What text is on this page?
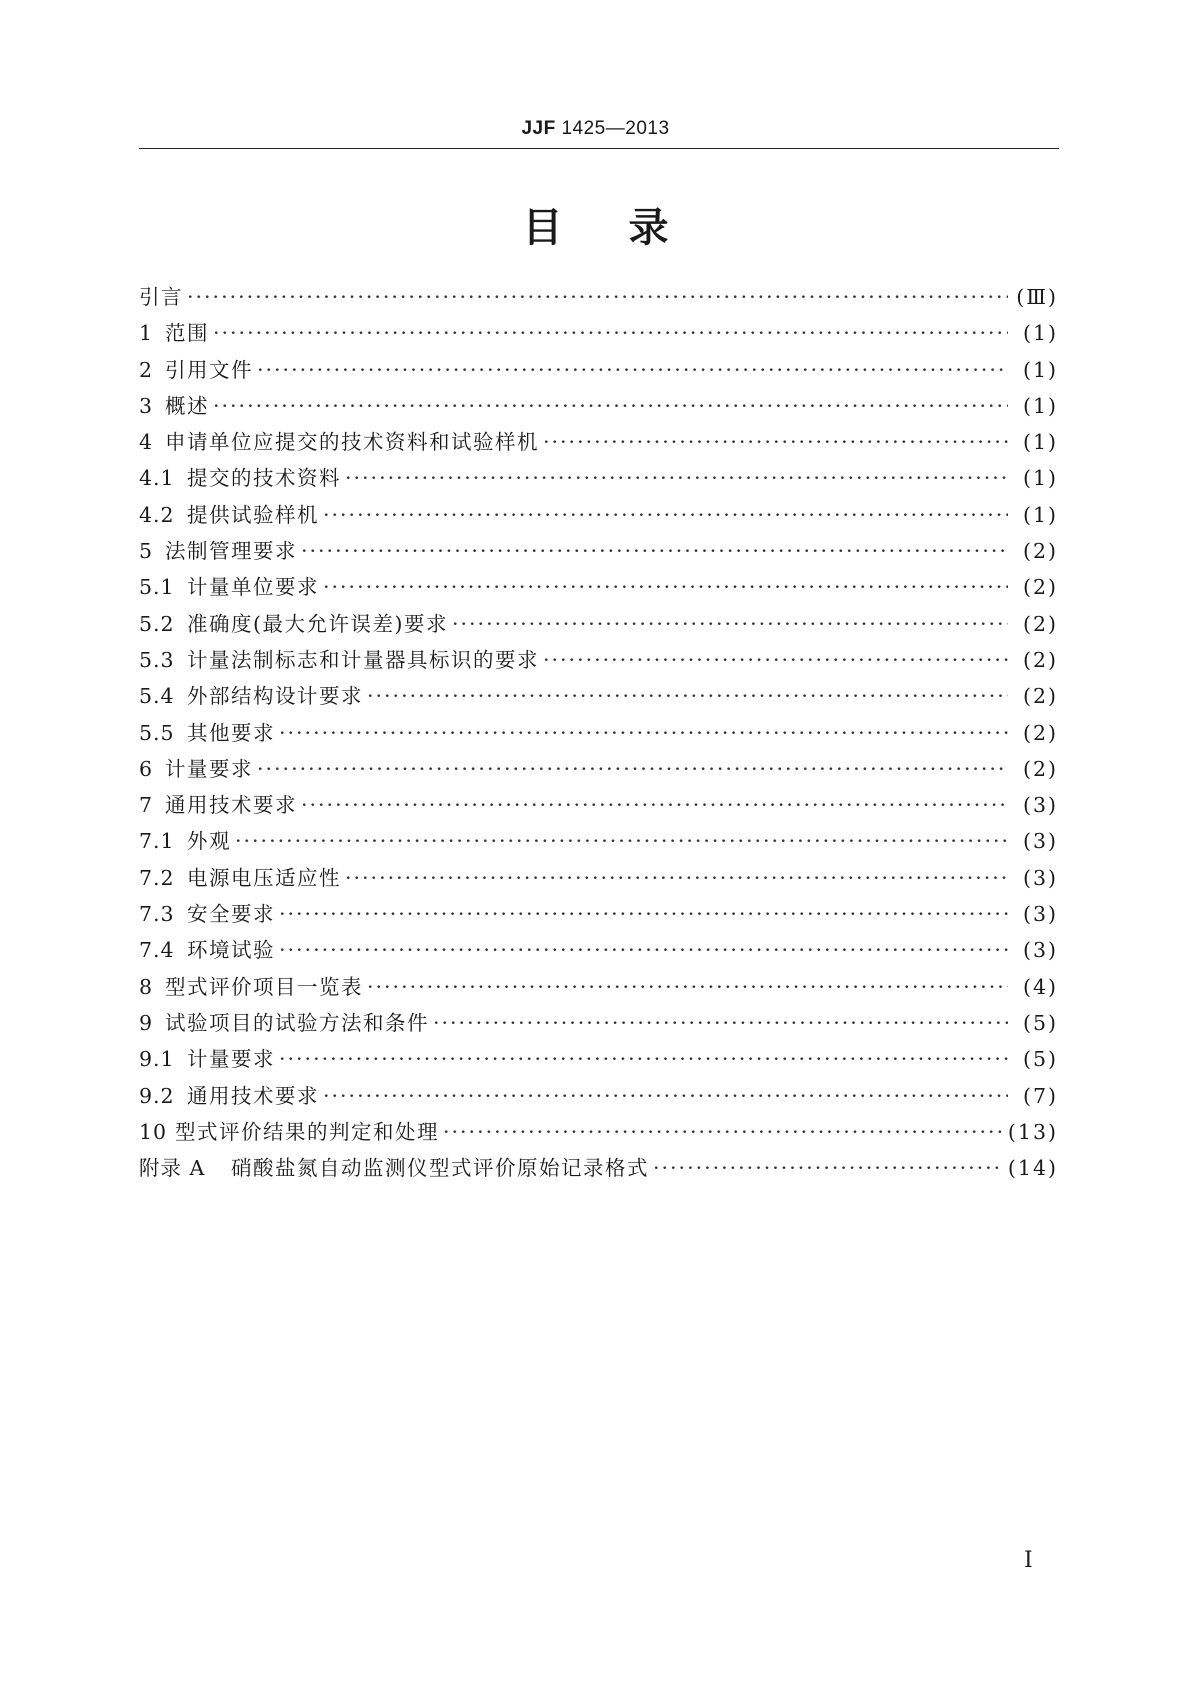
JJF 1425—2013
目录
引言 ·····	(Ⅲ)
1 范围 ·····	(1)
2 引用文件 ·····	(1)
3 概述 ·····	(1)
4 申请单位应提交的技术资料和试验样机 ·····	(1)
4.1 提交的技术资料 ·····	(1)
4.2 提供试验样机 ·····	(1)
5 法制管理要求 ·····	(2)
5.1 计量单位要求 ·····	(2)
5.2 准确度(最大允许误差)要求 ·····	(2)
5.3 计量法制标志和计量器具标识的要求 ·····	(2)
5.4 外部结构设计要求 ·····	(2)
5.5 其他要求 ·····	(2)
6 计量要求 ·····	(2)
7 通用技术要求 ·····	(3)
7.1 外观 ·····	(3)
7.2 电源电压适应性 ·····	(3)
7.3 安全要求 ·····	(3)
7.4 环境试验 ·····	(3)
8 型式评价项目一览表 ·····	(4)
9 试验项目的试验方法和条件 ·····	(5)
9.1 计量要求 ·····	(5)
9.2 通用技术要求 ·····	(7)
10 型式评价结果的判定和处理 ·····	(13)
附录 A	硝酸盐氮自动监测仪型式评价原始记录格式 ·····	(14)
I
